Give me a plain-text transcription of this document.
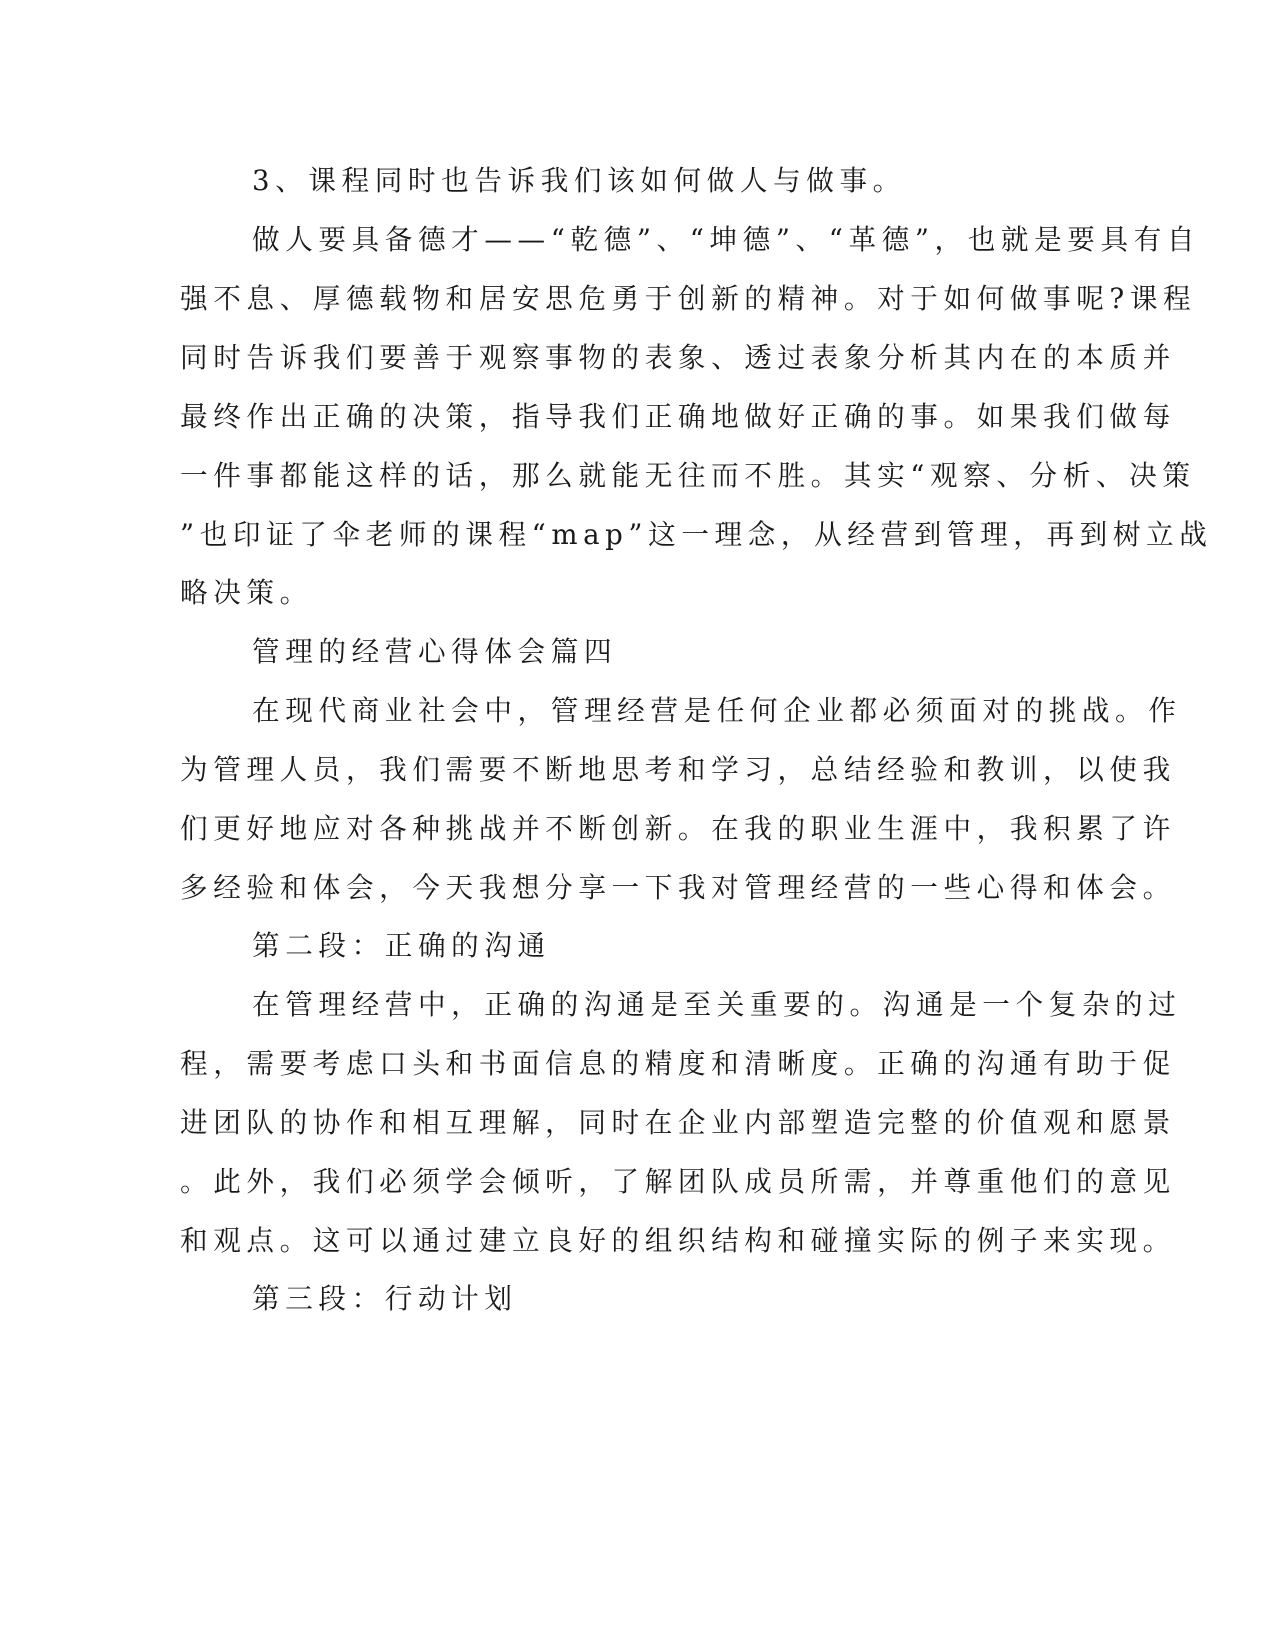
3、课程同时也告诉我们该如何做人与做事。

做人要具备德才——“乾德”、“坤德”、“革德”，也就是要具有自

强不息、厚德载物和居安思危勇于创新的精神。对于如何做事呢?课程

同时告诉我们要善于观察事物的表象、透过表象分析其内在的本质并

最终作出正确的决策，指导我们正确地做好正确的事。如果我们做每

一件事都能这样的话，那么就能无往而不胜。其实“观察、分析、决策

”也印证了伞老师的课程“map”这一理念，从经营到管理，再到树立战

略决策。

管理的经营心得体会篇四

在现代商业社会中，管理经营是任何企业都必须面对的挑战。作

为管理人员，我们需要不断地思考和学习，总结经验和教训，以使我

们更好地应对各种挑战并不断创新。在我的职业生涯中，我积累了许

多经验和体会，今天我想分享一下我对管理经营的一些心得和体会。

第二段：正确的沟通

在管理经营中，正确的沟通是至关重要的。沟通是一个复杂的过

程，需要考虑口头和书面信息的精度和清晰度。正确的沟通有助于促

进团队的协作和相互理解，同时在企业内部塑造完整的价值观和愿景

。此外，我们必须学会倾听，了解团队成员所需，并尊重他们的意见

和观点。这可以通过建立良好的组织结构和碰撞实际的例子来实现。

第三段：行动计划
